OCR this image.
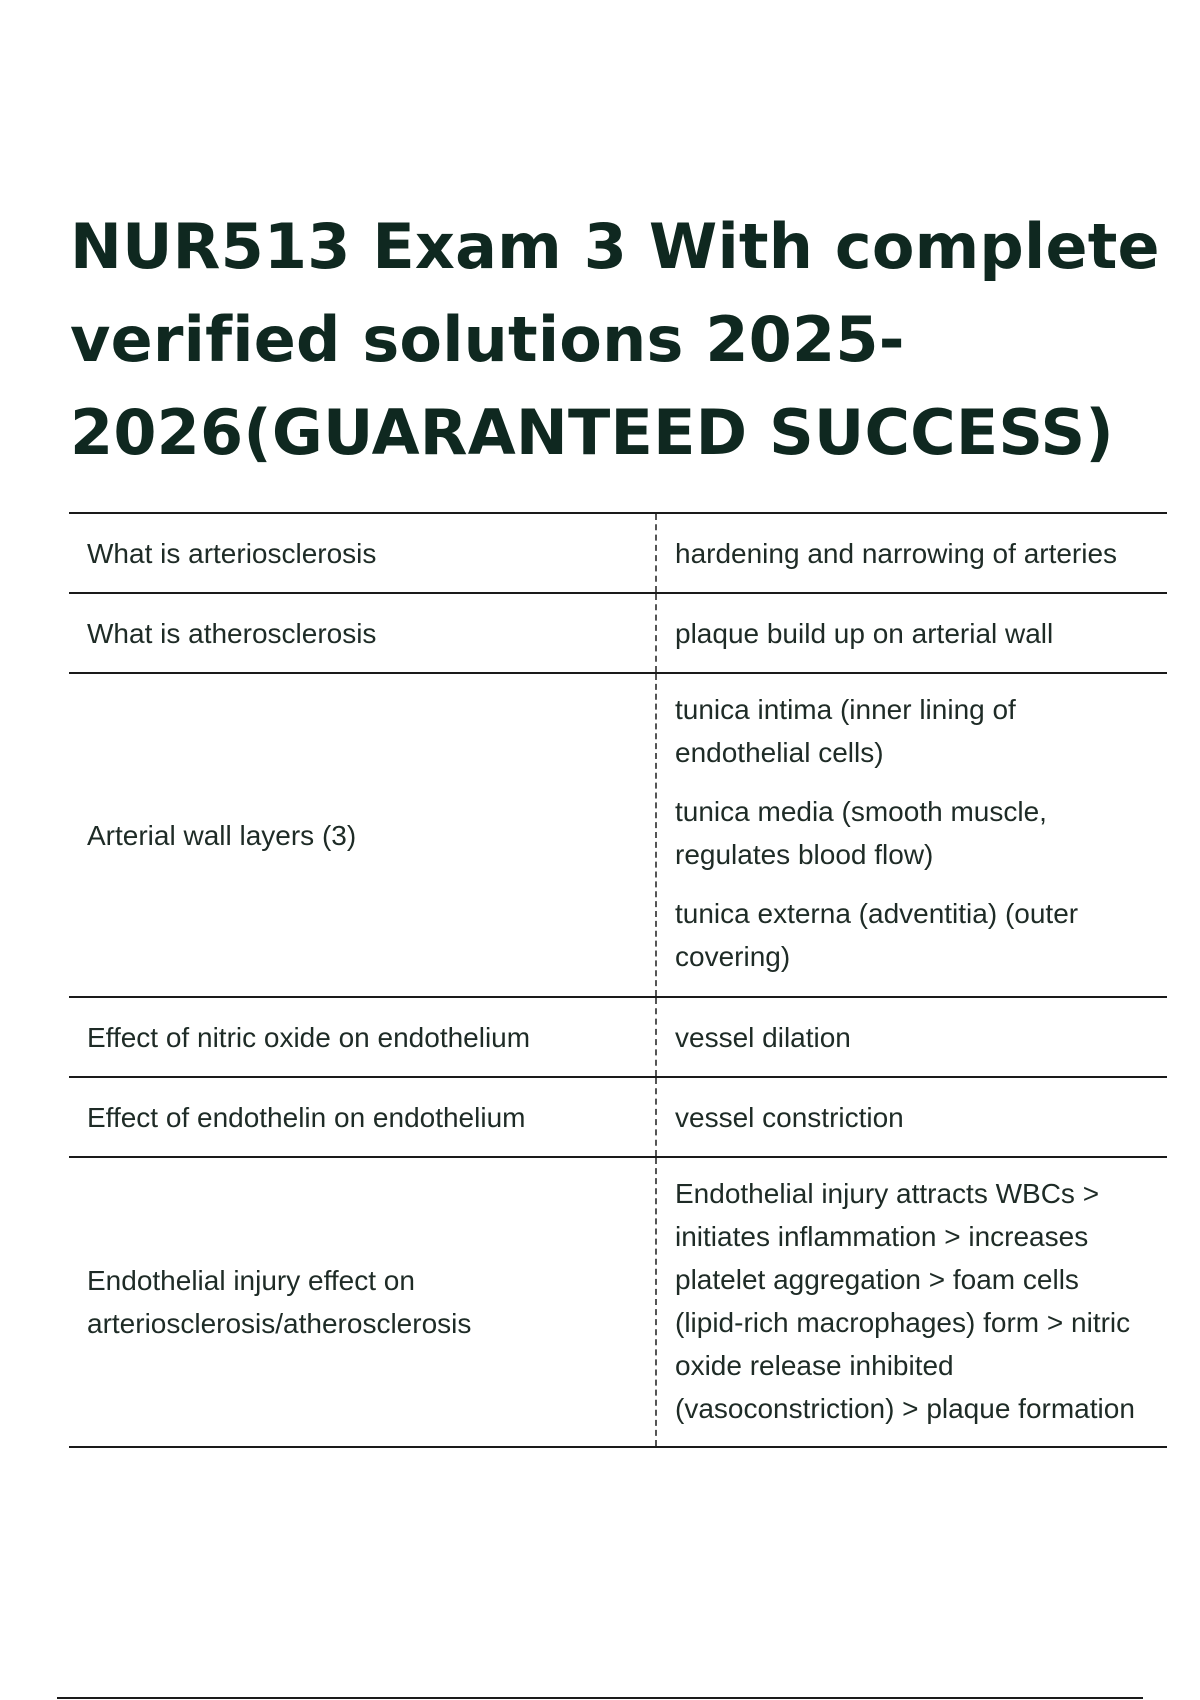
NUR513 Exam 3 With complete
verified solutions 2025-
2026(GUARANTEED SUCCESS)
What is arteriosclerosis	hardening and narrowing of arteries

What is atherosclerosis	plaque build up on arterial wall

Arterial wall layers (3)	tunica intima (inner lining of endothelial cells)

tunica media (smooth muscle, regulates blood flow)

tunica externa (adventitia) (outer covering)

Effect of nitric oxide on endothelium	vessel dilation

Effect of endothelin on endothelium	vessel constriction

Endothelial injury effect on arteriosclerosis/atherosclerosis	Endothelial injury attracts WBCs > initiates inflammation > increases platelet aggregation > foam cells (lipid-rich macrophages) form > nitric oxide release inhibited (vasoconstriction) > plaque formation
